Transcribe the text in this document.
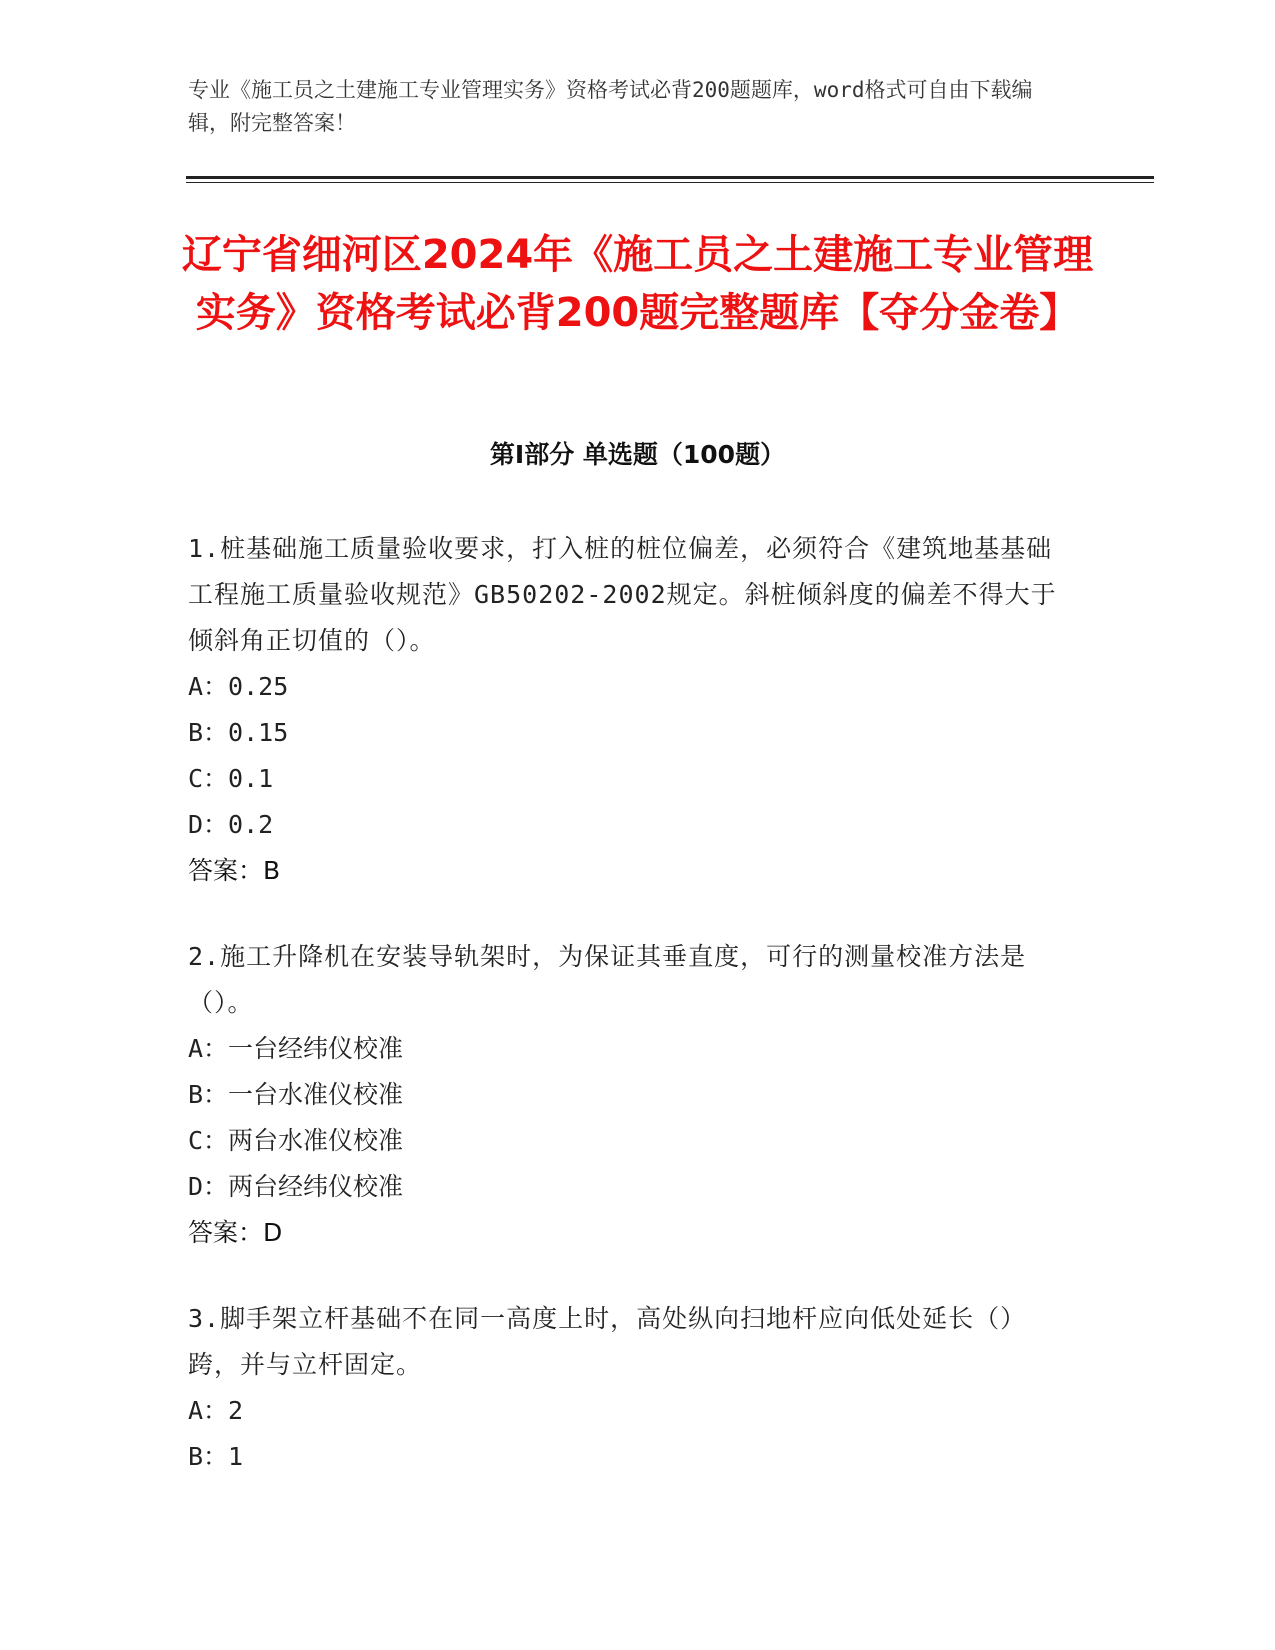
专业《施工员之土建施工专业管理实务》资格考试必背200题题库，word格式可自由下载编辑，附完整答案！

辽宁省细河区2024年《施工员之土建施工专业管理实务》资格考试必背200题完整题库【夺分金卷】
第I部分 单选题（100题）

1.桩基础施工质量验收要求，打入桩的桩位偏差，必须符合《建筑地基基础工程施工质量验收规范》GB50202-2002规定。斜桩倾斜度的偏差不得大于倾斜角正切值的（）。

A：0.25

B：0.15

C：0.1

D：0.2

答案：B

2.施工升降机在安装导轨架时，为保证其垂直度，可行的测量校准方法是（）。

A：一台经纬仪校准

B：一台水准仪校准

C：两台水准仪校准

D：两台经纬仪校准

答案：D

3.脚手架立杆基础不在同一高度上时，高处纵向扫地杆应向低处延长（）跨，并与立杆固定。

A：2

B：1
